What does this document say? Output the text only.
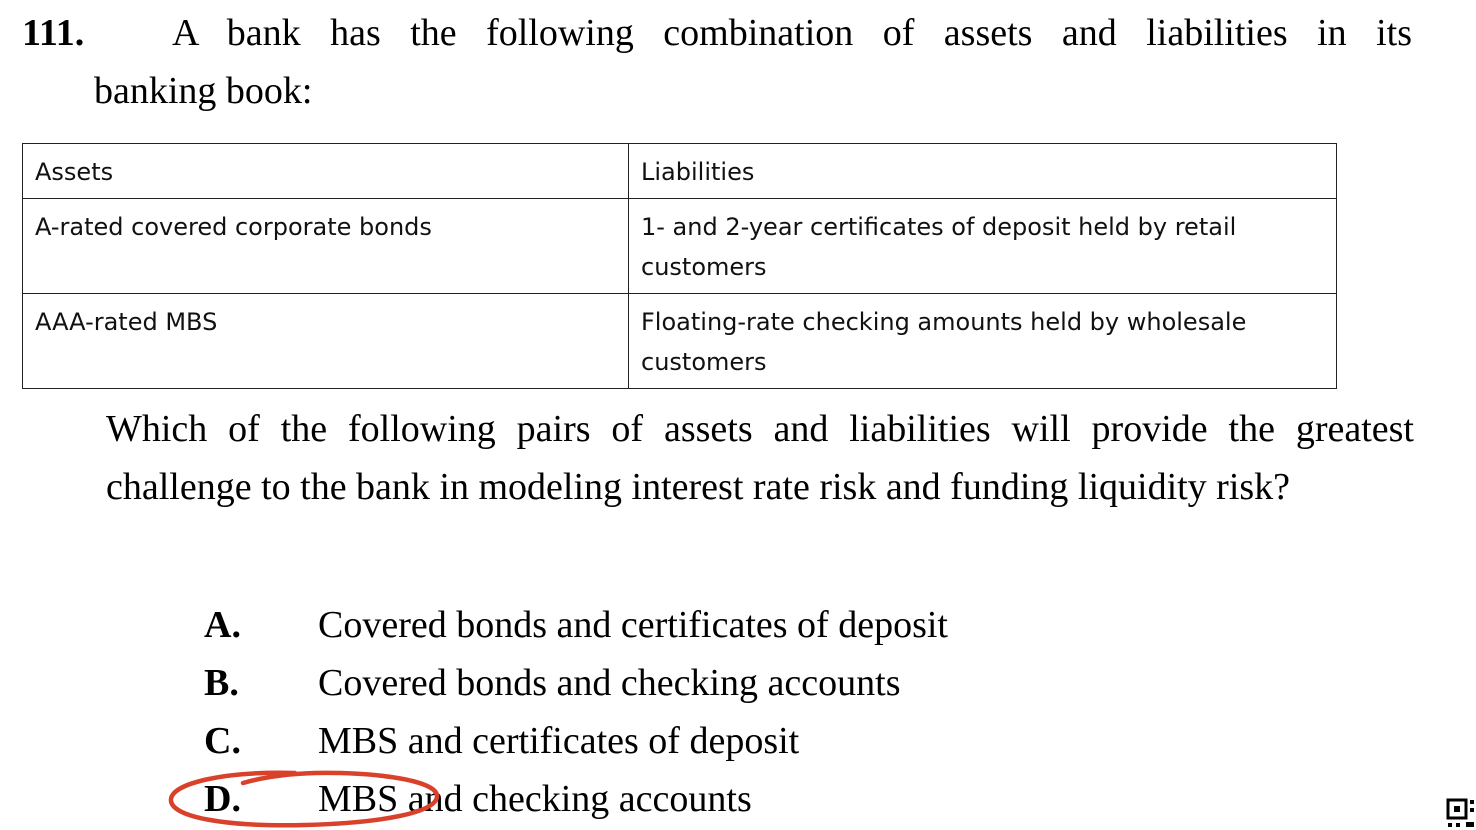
111. A bank has the following combination of assets and liabilities in its
banking book:
Assets	Liabilities
A-rated covered corporate bonds	1- and 2-year certificates of deposit held by retail customers
AAA-rated MBS	Floating-rate checking amounts held by wholesale customers
Which of the following pairs of assets and liabilities will provide the greatest challenge to the bank in modeling interest rate risk and funding liquidity risk?
A. Covered bonds and certificates of deposit
B. Covered bonds and checking accounts
C. MBS and certificates of deposit
D. MBS and checking accounts
